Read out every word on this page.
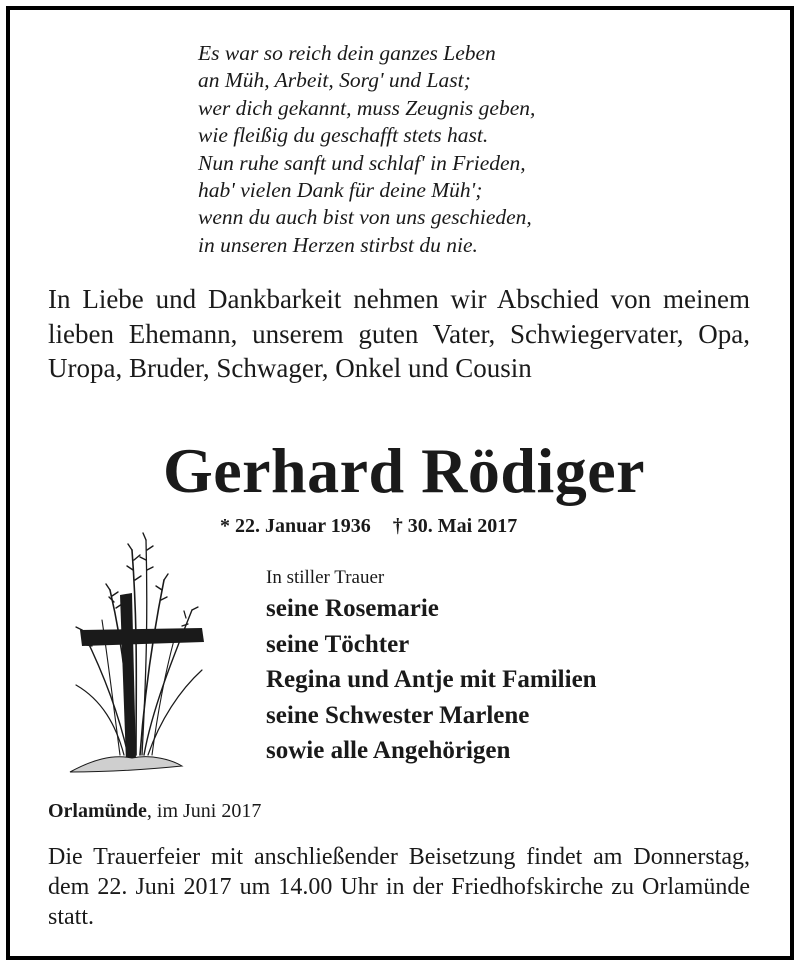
Es war so reich dein ganzes Leben
an Müh, Arbeit, Sorg' und Last;
wer dich gekannt, muss Zeugnis geben,
wie fleißig du geschafft stets hast.
Nun ruhe sanft und schlaf' in Frieden,
hab' vielen Dank für deine Müh';
wenn du auch bist von uns geschieden,
in unseren Herzen stirbst du nie.
In Liebe und Dankbarkeit nehmen wir Abschied von meinem lieben Ehemann, unserem guten Vater, Schwiegervater, Opa, Uropa, Bruder, Schwager, Onkel und Cousin
Gerhard Rödiger
* 22. Januar 1936 † 30. Mai 2017
In stiller Trauer
seine Rosemarie
seine Töchter
Regina und Antje mit Familien
seine Schwester Marlene
sowie alle Angehörigen
Orlamünde, im Juni 2017
Die Trauerfeier mit anschließender Beisetzung findet am Donnerstag, dem 22. Juni 2017 um 14.00 Uhr in der Friedhofskirche zu Orlamünde statt.
